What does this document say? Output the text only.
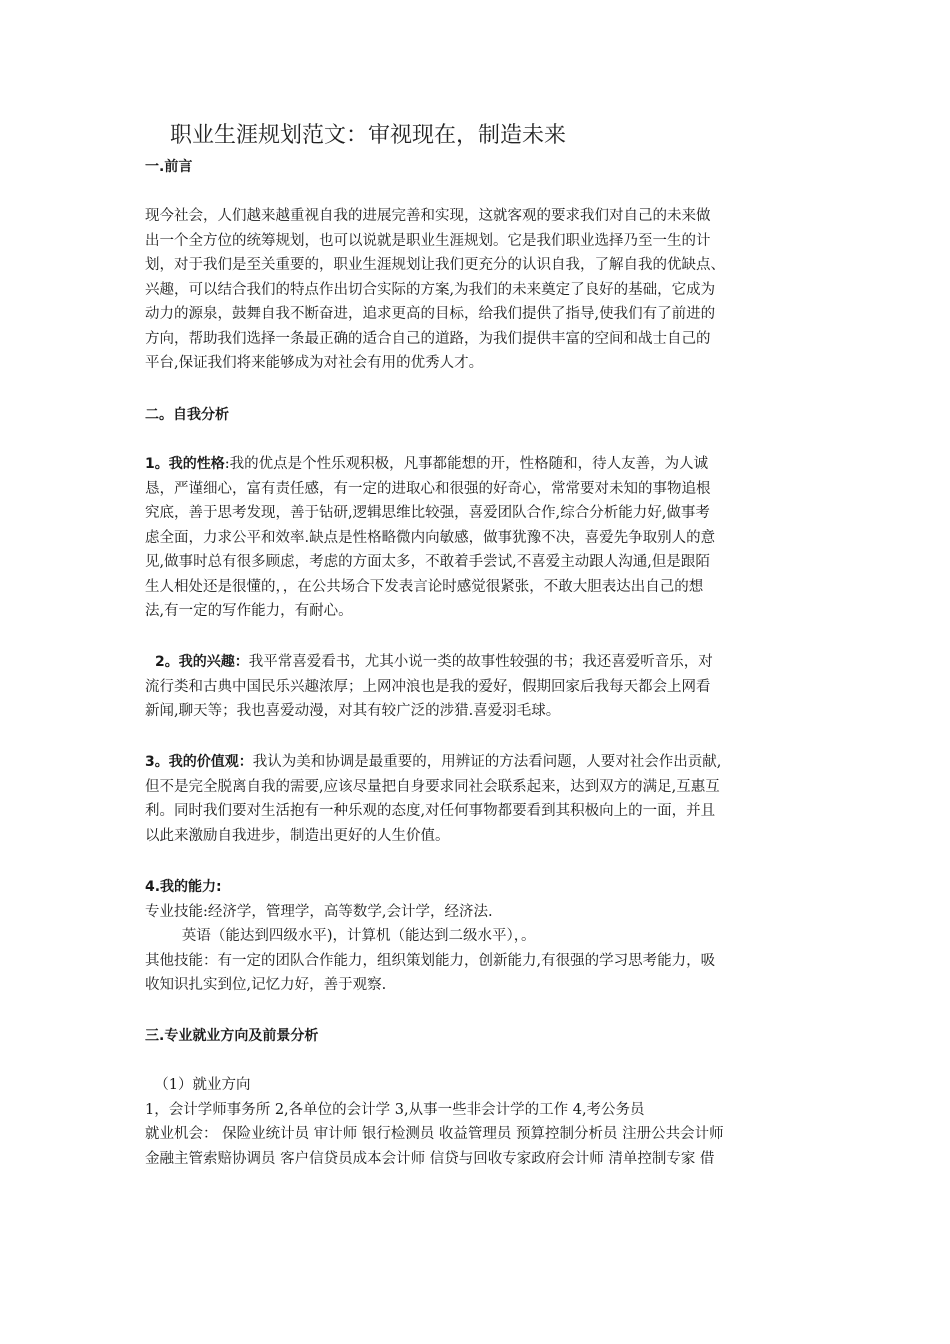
职业生涯规划范文：审视现在，制造未来

一.前言

现今社会，人们越来越重视自我的进展完善和实现，这就客观的要求我们对自己的未来做
出一个全方位的统筹规划，也可以说就是职业生涯规划。它是我们职业选择乃至一生的计
划，对于我们是至关重要的，职业生涯规划让我们更充分的认识自我，了解自我的优缺点、
兴趣，可以结合我们的特点作出切合实际的方案,为我们的未来奠定了良好的基础，它成为
动力的源泉，鼓舞自我不断奋进，追求更高的目标，给我们提供了指导,使我们有了前进的
方向，帮助我们选择一条最正确的适合自己的道路，为我们提供丰富的空间和战士自己的
平台,保证我们将来能够成为对社会有用的优秀人才。

二。自我分析

1。我的性格:我的优点是个性乐观积极，凡事都能想的开，性格随和，待人友善，为人诚
恳，严谨细心，富有责任感，有一定的进取心和很强的好奇心，常常要对未知的事物追根
究底，善于思考发现，善于钻研,逻辑思维比较强，喜爱团队合作,综合分析能力好,做事考
虑全面，力求公平和效率.缺点是性格略微内向敏感，做事犹豫不决，喜爱先争取别人的意
见,做事时总有很多顾虑，考虑的方面太多，不敢着手尝试,不喜爱主动跟人沟通,但是跟陌
生人相处还是很懂的，，在公共场合下发表言论时感觉很紧张，不敢大胆表达出自己的想
法,有一定的写作能力，有耐心。
2。我的兴趣：我平常喜爱看书，尤其小说一类的故事性较强的书；我还喜爱听音乐，对
流行类和古典中国民乐兴趣浓厚；上网冲浪也是我的爱好，假期回家后我每天都会上网看
新闻,聊天等；我也喜爱动漫，对其有较广泛的涉猎.喜爱羽毛球。
3。我的价值观：我认为美和协调是最重要的，用辨证的方法看问题，人要对社会作出贡献,
但不是完全脱离自我的需要,应该尽量把自身要求同社会联系起来，达到双方的满足,互惠互
利。同时我们要对生活抱有一种乐观的态度,对任何事物都要看到其积极向上的一面，并且
以此来激励自我进步，制造出更好的人生价值。
4.我的能力:
专业技能:经济学，管理学，高等数学,会计学，经济法.
英语（能达到四级水平)，计算机（能达到二级水平），。
其他技能：有一定的团队合作能力，组织策划能力，创新能力,有很强的学习思考能力，吸
收知识扎实到位,记忆力好，善于观察.

三.专业就业方向及前景分析

（1）就业方向
1，会计学师事务所 2,各单位的会计学 3,从事一些非会计学的工作 4,考公务员
就业机会： 保险业统计员 审计师 银行检测员 收益管理员 预算控制分析员 注册公共会计师
金融主管索赔协调员 客户信贷员成本会计师 信贷与回收专家政府会计师 清单控制专家 借
